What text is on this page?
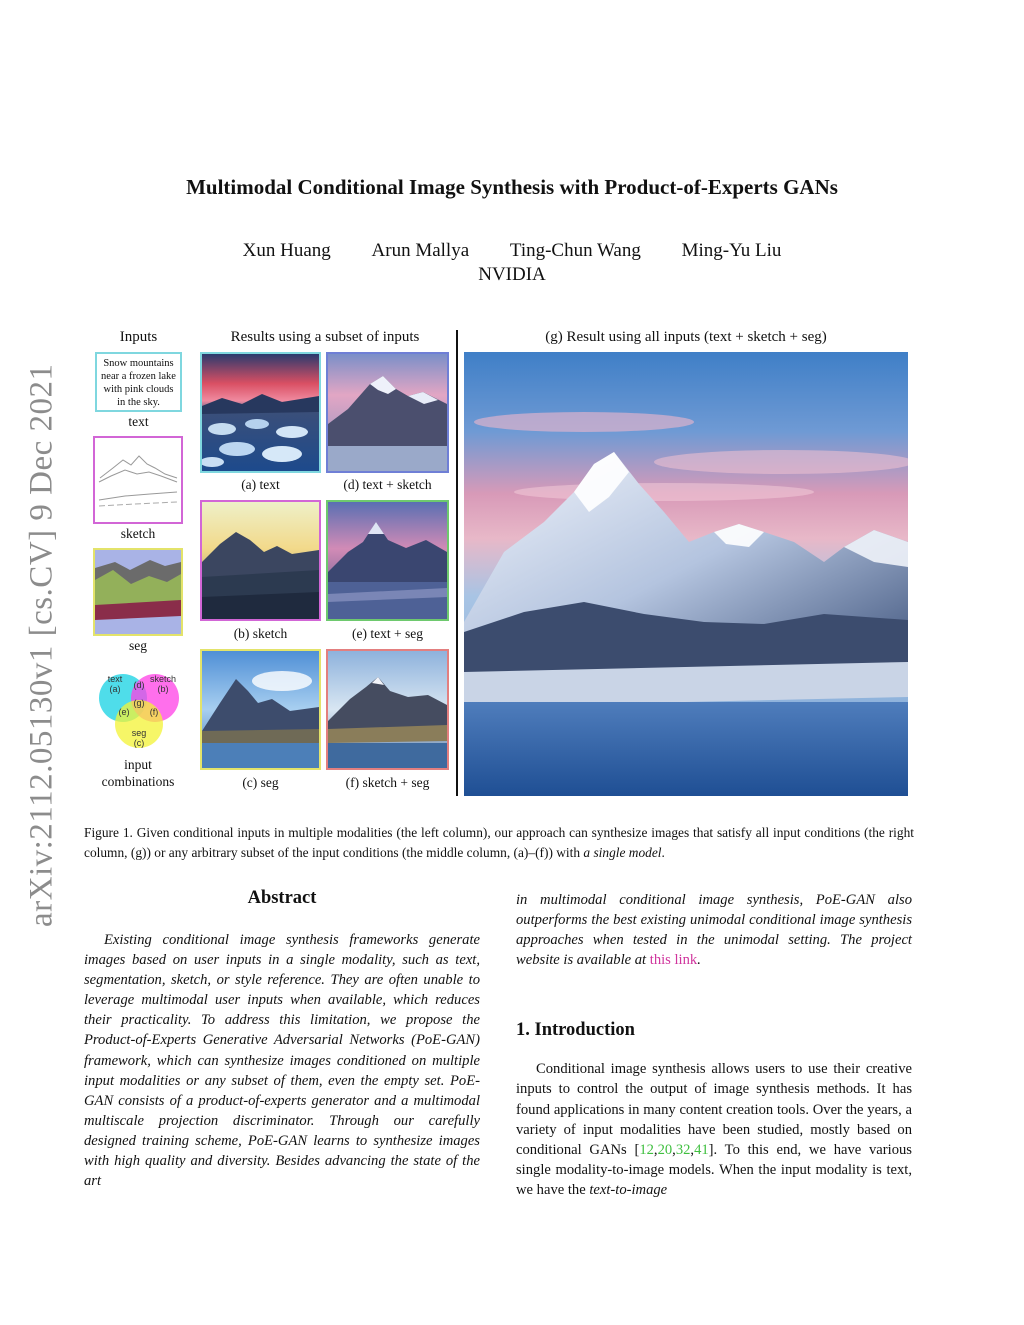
arXiv:2112.05130v1 [cs.CV] 9 Dec 2021
Multimodal Conditional Image Synthesis with Product-of-Experts GANs
Xun Huang Arun Mallya Ting-Chun Wang Ming-Yu Liu
NVIDIA
Inputs	Results using a subset of inputs	(g) Result using all inputs (text + sketch + seg)
Snow mountains near a frozen lake with pink clouds in the sky.
text
sketch
seg
text
(a)
sketch
(b)
(d)
(g)
(e) (f)
seg
(c)
input
combinations
(a) text	(d) text + sketch
(b) sketch	(e) text + seg
(c) seg	(f) sketch + seg

Figure 1. Given conditional inputs in multiple modalities (the left column), our approach can synthesize images that satisfy all input conditions (the right column, (g)) or any arbitrary subset of the input conditions (the middle column, (a)–(f)) with a single model.

Abstract

Existing conditional image synthesis frameworks generate images based on user inputs in a single modality, such as text, segmentation, sketch, or style reference. They are often unable to leverage multimodal user inputs when available, which reduces their practicality. To address this limitation, we propose the Product-of-Experts Generative Adversarial Networks (PoE-GAN) framework, which can synthesize images conditioned on multiple input modalities or any subset of them, even the empty set. PoE-GAN consists of a product-of-experts generator and a multimodal multiscale projection discriminator. Through our carefully designed training scheme, PoE-GAN learns to synthesize images with high quality and diversity. Besides advancing the state of the art

in multimodal conditional image synthesis, PoE-GAN also outperforms the best existing unimodal conditional image synthesis approaches when tested in the unimodal setting. The project website is available at this link.

1. Introduction

Conditional image synthesis allows users to use their creative inputs to control the output of image synthesis methods. It has found applications in many content creation tools. Over the years, a variety of input modalities have been studied, mostly based on conditional GANs [12,20,32,41]. To this end, we have various single modality-to-image models. When the input modality is text, we have the text-to-image
